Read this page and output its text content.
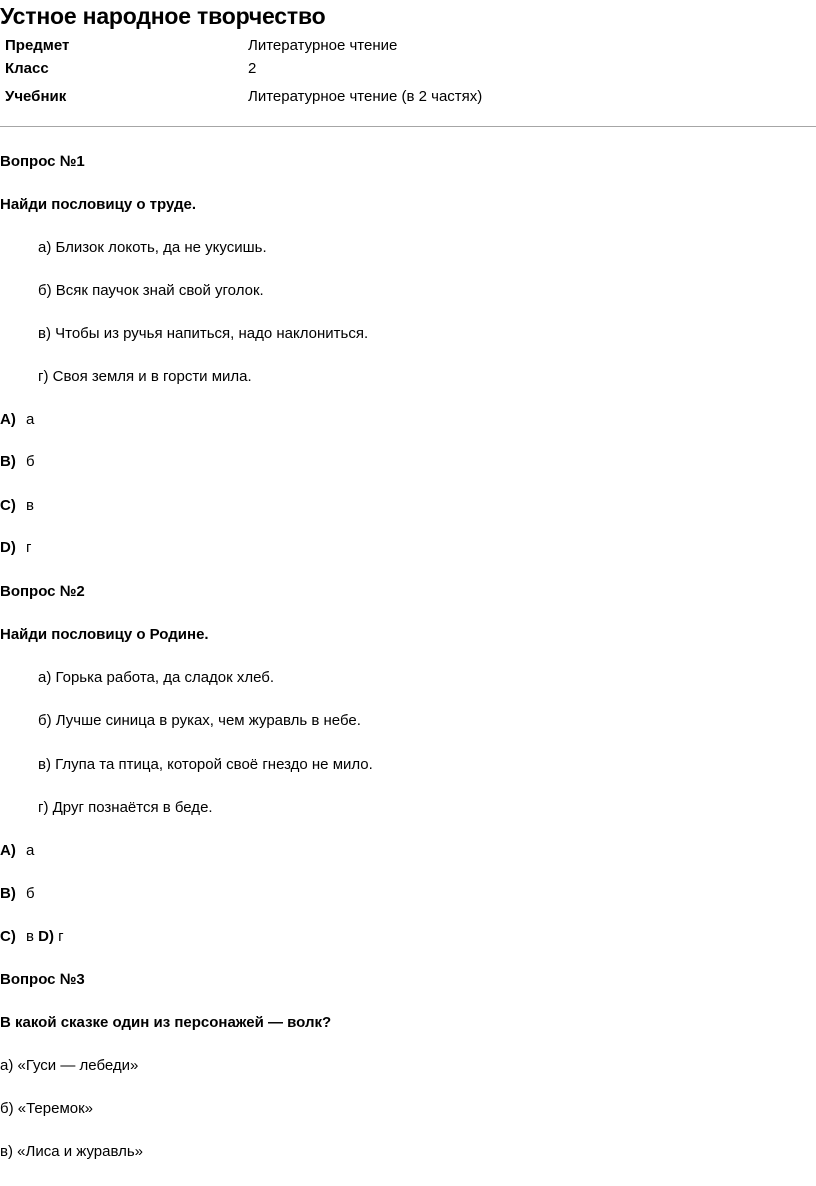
Устное народное творчество
Предмет	Литературное чтение
Класс	2
Учебник	Литературное чтение (в 2 частях)
Вопрос №1
Найди пословицу о труде.
а) Близок локоть, да не укусишь.
б) Всяк паучок знай свой уголок.
в) Чтобы из ручья напиться, надо наклониться.
г) Своя земля и в горсти мила.
A) а
B) б
C) в
D) г
Вопрос №2
Найди пословицу о Родине.
а) Горька работа, да сладок хлеб.
б) Лучше синица в руках, чем журавль в небе.
в) Глупа та птица, которой своё гнездо не мило.
г) Друг познаётся в беде.
A) а
B) б
C) в D) г
Вопрос №3
В какой сказке один из персонажей — волк?
а) «Гуси — лебеди»
б) «Теремок»
в) «Лиса и журавль»
